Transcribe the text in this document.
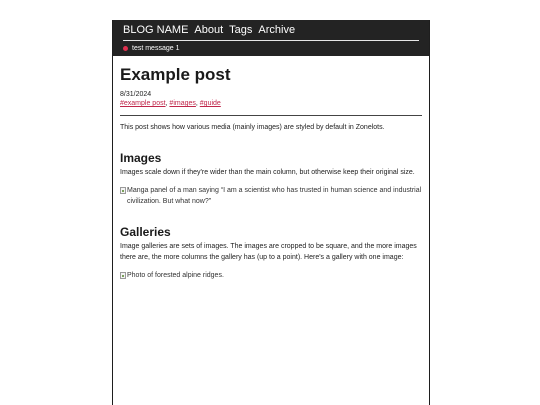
BLOG NAME About Tags Archive
test message 1
Example post
8/31/2024
#example post, #images, #guide

This post shows how various media (mainly images) are styled by default in Zonelots.

Images

Images scale down if they're wider than the main column, but otherwise keep their original size.

Manga panel of a man saying “I am a scientist who has trusted in human science and industrial civilization. But what now?”
Galleries

Image galleries are sets of images. The images are cropped to be square, and the more images there are, the more columns the gallery has (up to a point). Here's a gallery with one image:

Photo of forested alpine ridges.
